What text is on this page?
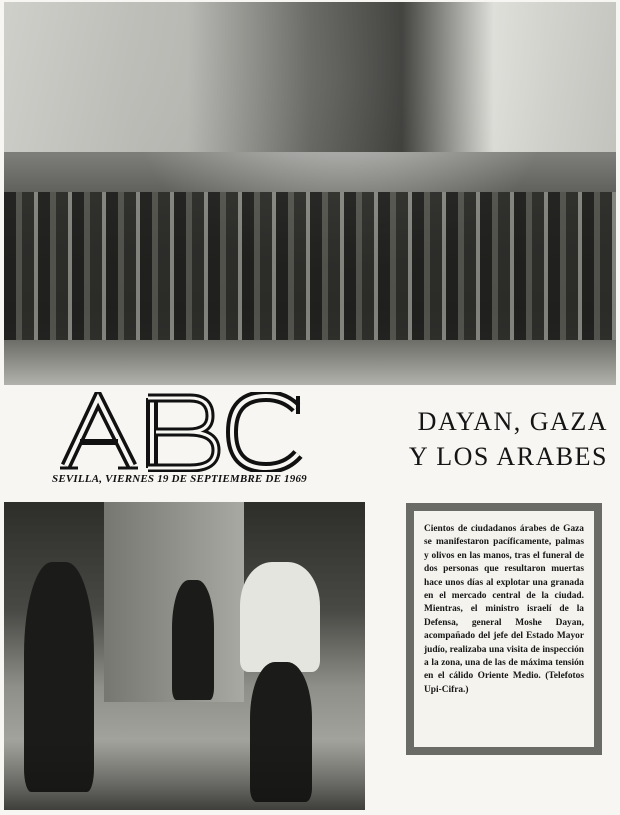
SEVILLA, VIERNES 19 DE SEPTIEMBRE DE 1969
DAYAN, GAZA
Y LOS ARABES

Cientos de ciudadanos árabes de Gaza se manifestaron pacíficamente, palmas y olivos en las manos, tras el funeral de dos personas que resultaron muertas hace unos días al explotar una granada en el mercado central de la ciudad. Mientras, el ministro israelí de la Defensa, general Moshe Dayan, acompañado del jefe del Estado Mayor judío, realizaba una visita de inspección a la zona, una de las de máxima tensión en el cálido Oriente Medio. (Telefotos Upi-Cifra.)
